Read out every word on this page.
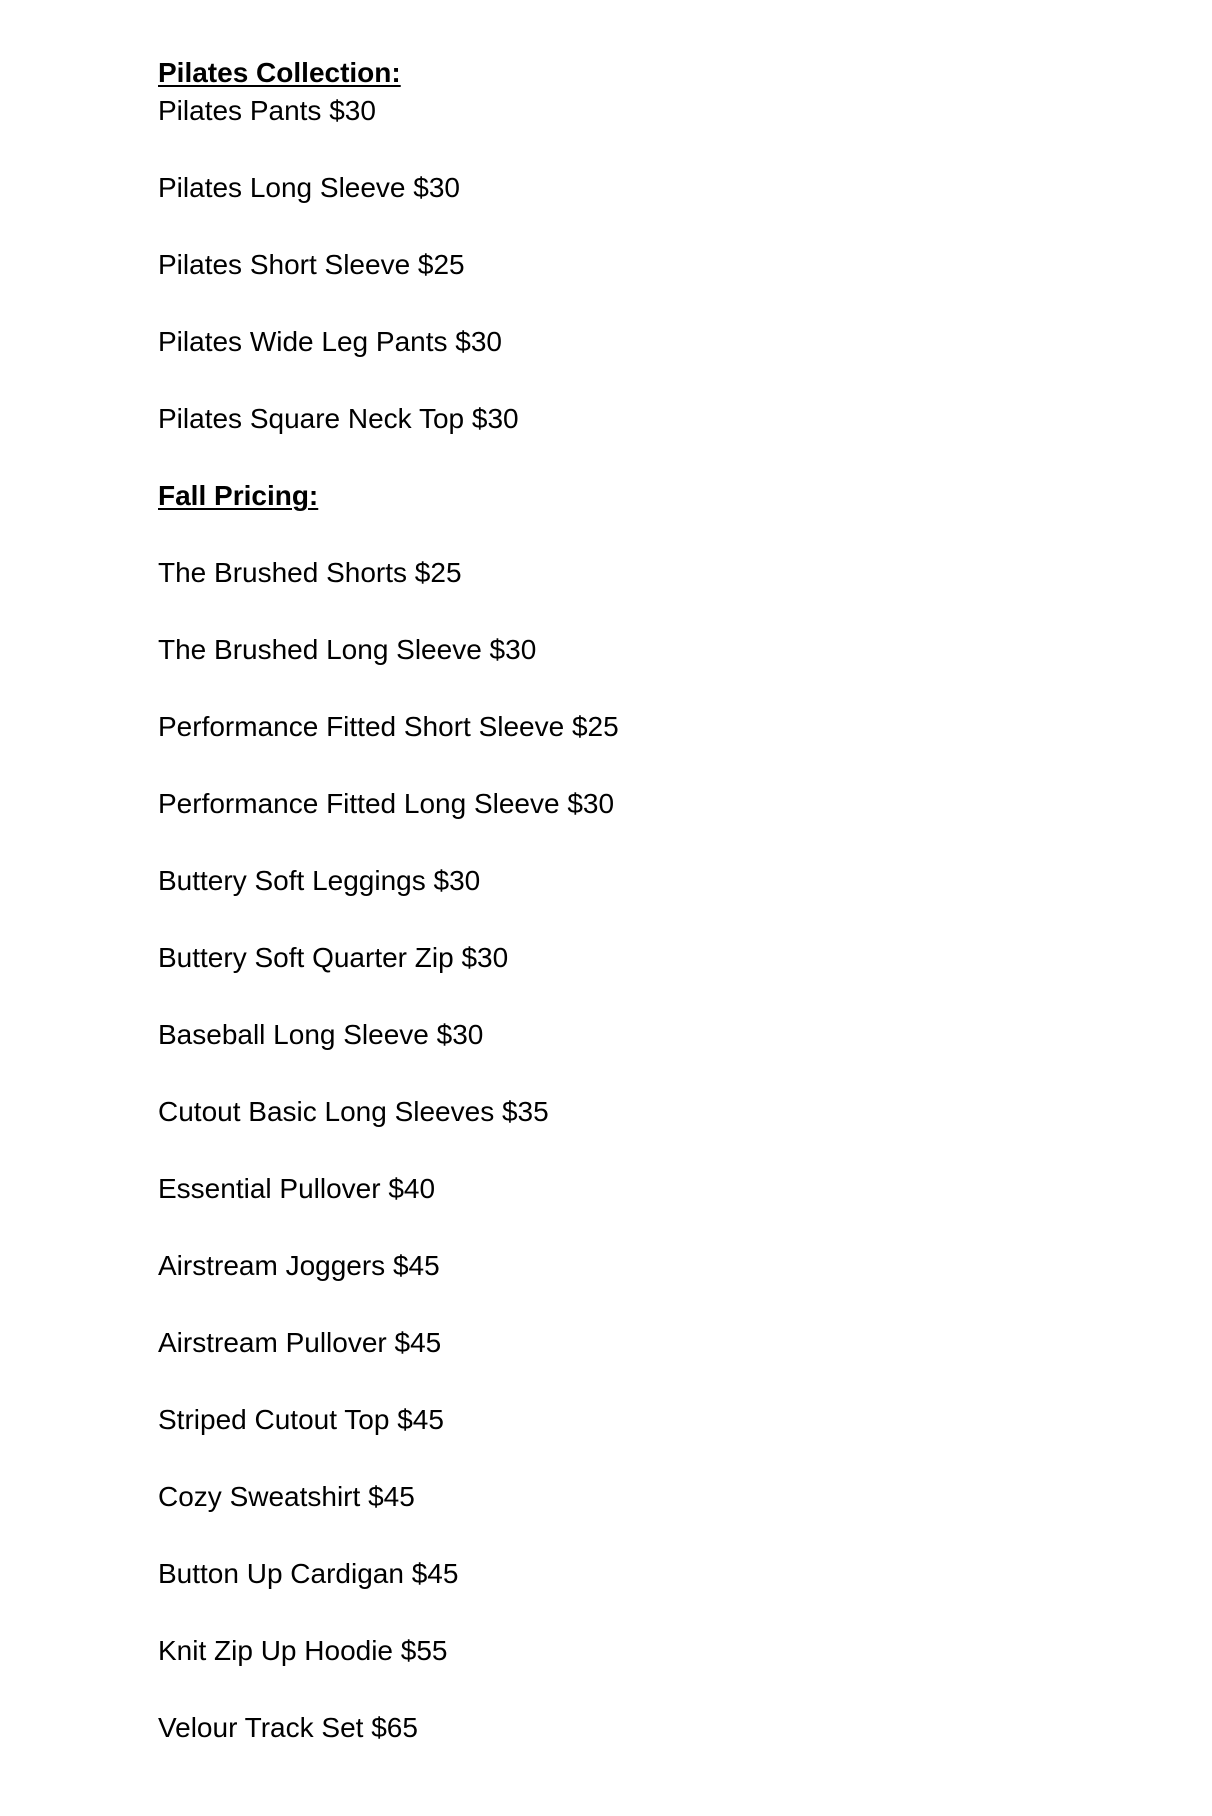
Pilates Collection:
Pilates Pants $30
Pilates Long Sleeve $30
Pilates Short Sleeve $25
Pilates Wide Leg Pants $30
Pilates Square Neck Top $30
Fall Pricing:
The Brushed Shorts $25
The Brushed Long Sleeve $30
Performance Fitted Short Sleeve $25
Performance Fitted Long Sleeve $30
Buttery Soft Leggings $30
Buttery Soft Quarter Zip $30
Baseball Long Sleeve $30
Cutout Basic Long Sleeves $35
Essential Pullover $40
Airstream Joggers $45
Airstream Pullover $45
Striped Cutout Top $45
Cozy Sweatshirt $45
Button Up Cardigan $45
Knit Zip Up Hoodie $55
Velour Track Set $65
